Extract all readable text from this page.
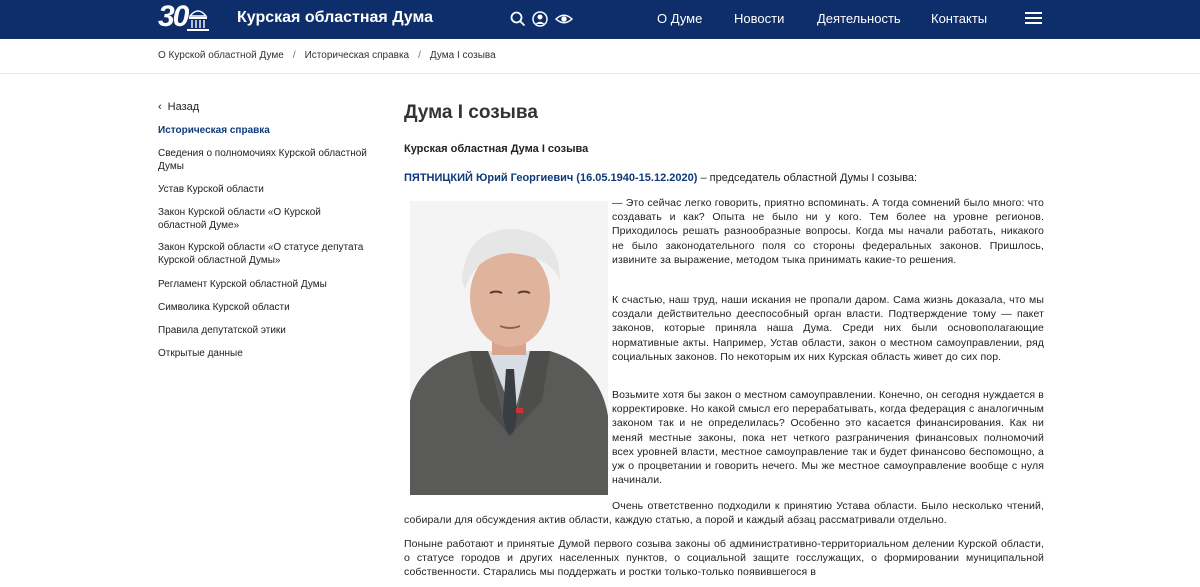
30	Курская областная Дума	О Думе Новости	Деятельность Контакты
О Курской областной Думе / Историческая справка / Дума I созыва
‹ Назад
Историческая справка
Сведения о полномочиях Курской областной Думы
Устав Курской области
Закон Курской области «О Курской областной Думе»
Закон Курской области «О статусе депутата Курской областной Думы»
Регламент Курской областной Думы
Символика Курской области
Правила депутатской этики
Открытые данные
Дума I созыва
Курская областная Дума I созыва
ПЯТНИЦКИЙ Юрий Георгиевич (16.05.1940-15.12.2020) – председатель областной Думы I созыва:

— Это сейчас легко говорить, приятно вспоминать. А тогда сомнений было много: что создавать и как? Опыта не было ни у кого. Тем более на уровне регионов. Приходилось решать разнообразные вопросы. Когда мы начали работать, никакого не было законодательного поля со стороны федеральных законов. Пришлось, извините за выражение, методом тыка принимать какие-то решения.

К счастью, наш труд, наши искания не пропали даром. Сама жизнь доказала, что мы создали действительно дееспособный орган власти. Подтверждение тому — пакет законов, которые приняла наша Дума. Среди них были основополагающие нормативные акты. Например, Устав области, закон о местном самоуправлении, ряд социальных законов. По некоторым их них Курская область живет до сих пор.

Возьмите хотя бы закон о местном самоуправлении. Конечно, он сегодня нуждается в корректировке. Но какой смысл его перерабатывать, когда федерация с аналогичным законом так и не определилась? Особенно это касается финансирования. Как ни меняй местные законы, пока нет четкого разграничения финансовых полномочий всех уровней власти, местное самоуправление так и будет финансово беспомощно, а уж о процветании и говорить нечего. Мы же местное самоуправление вообще с нуля начинали.

Очень ответственно подходили к принятию Устава области. Было несколько чтений, собирали для обсуждения актив области, каждую статью, а порой и каждый абзац рассматривали отдельно.

Поныне работают и принятые Думой первого созыва законы об административно-территориальном делении Курской области, о статусе городов и других населенных пунктов, о социальной защите госслужащих, о формировании муниципальной собственности. Старались мы поддержать и ростки только-только появившегося в
